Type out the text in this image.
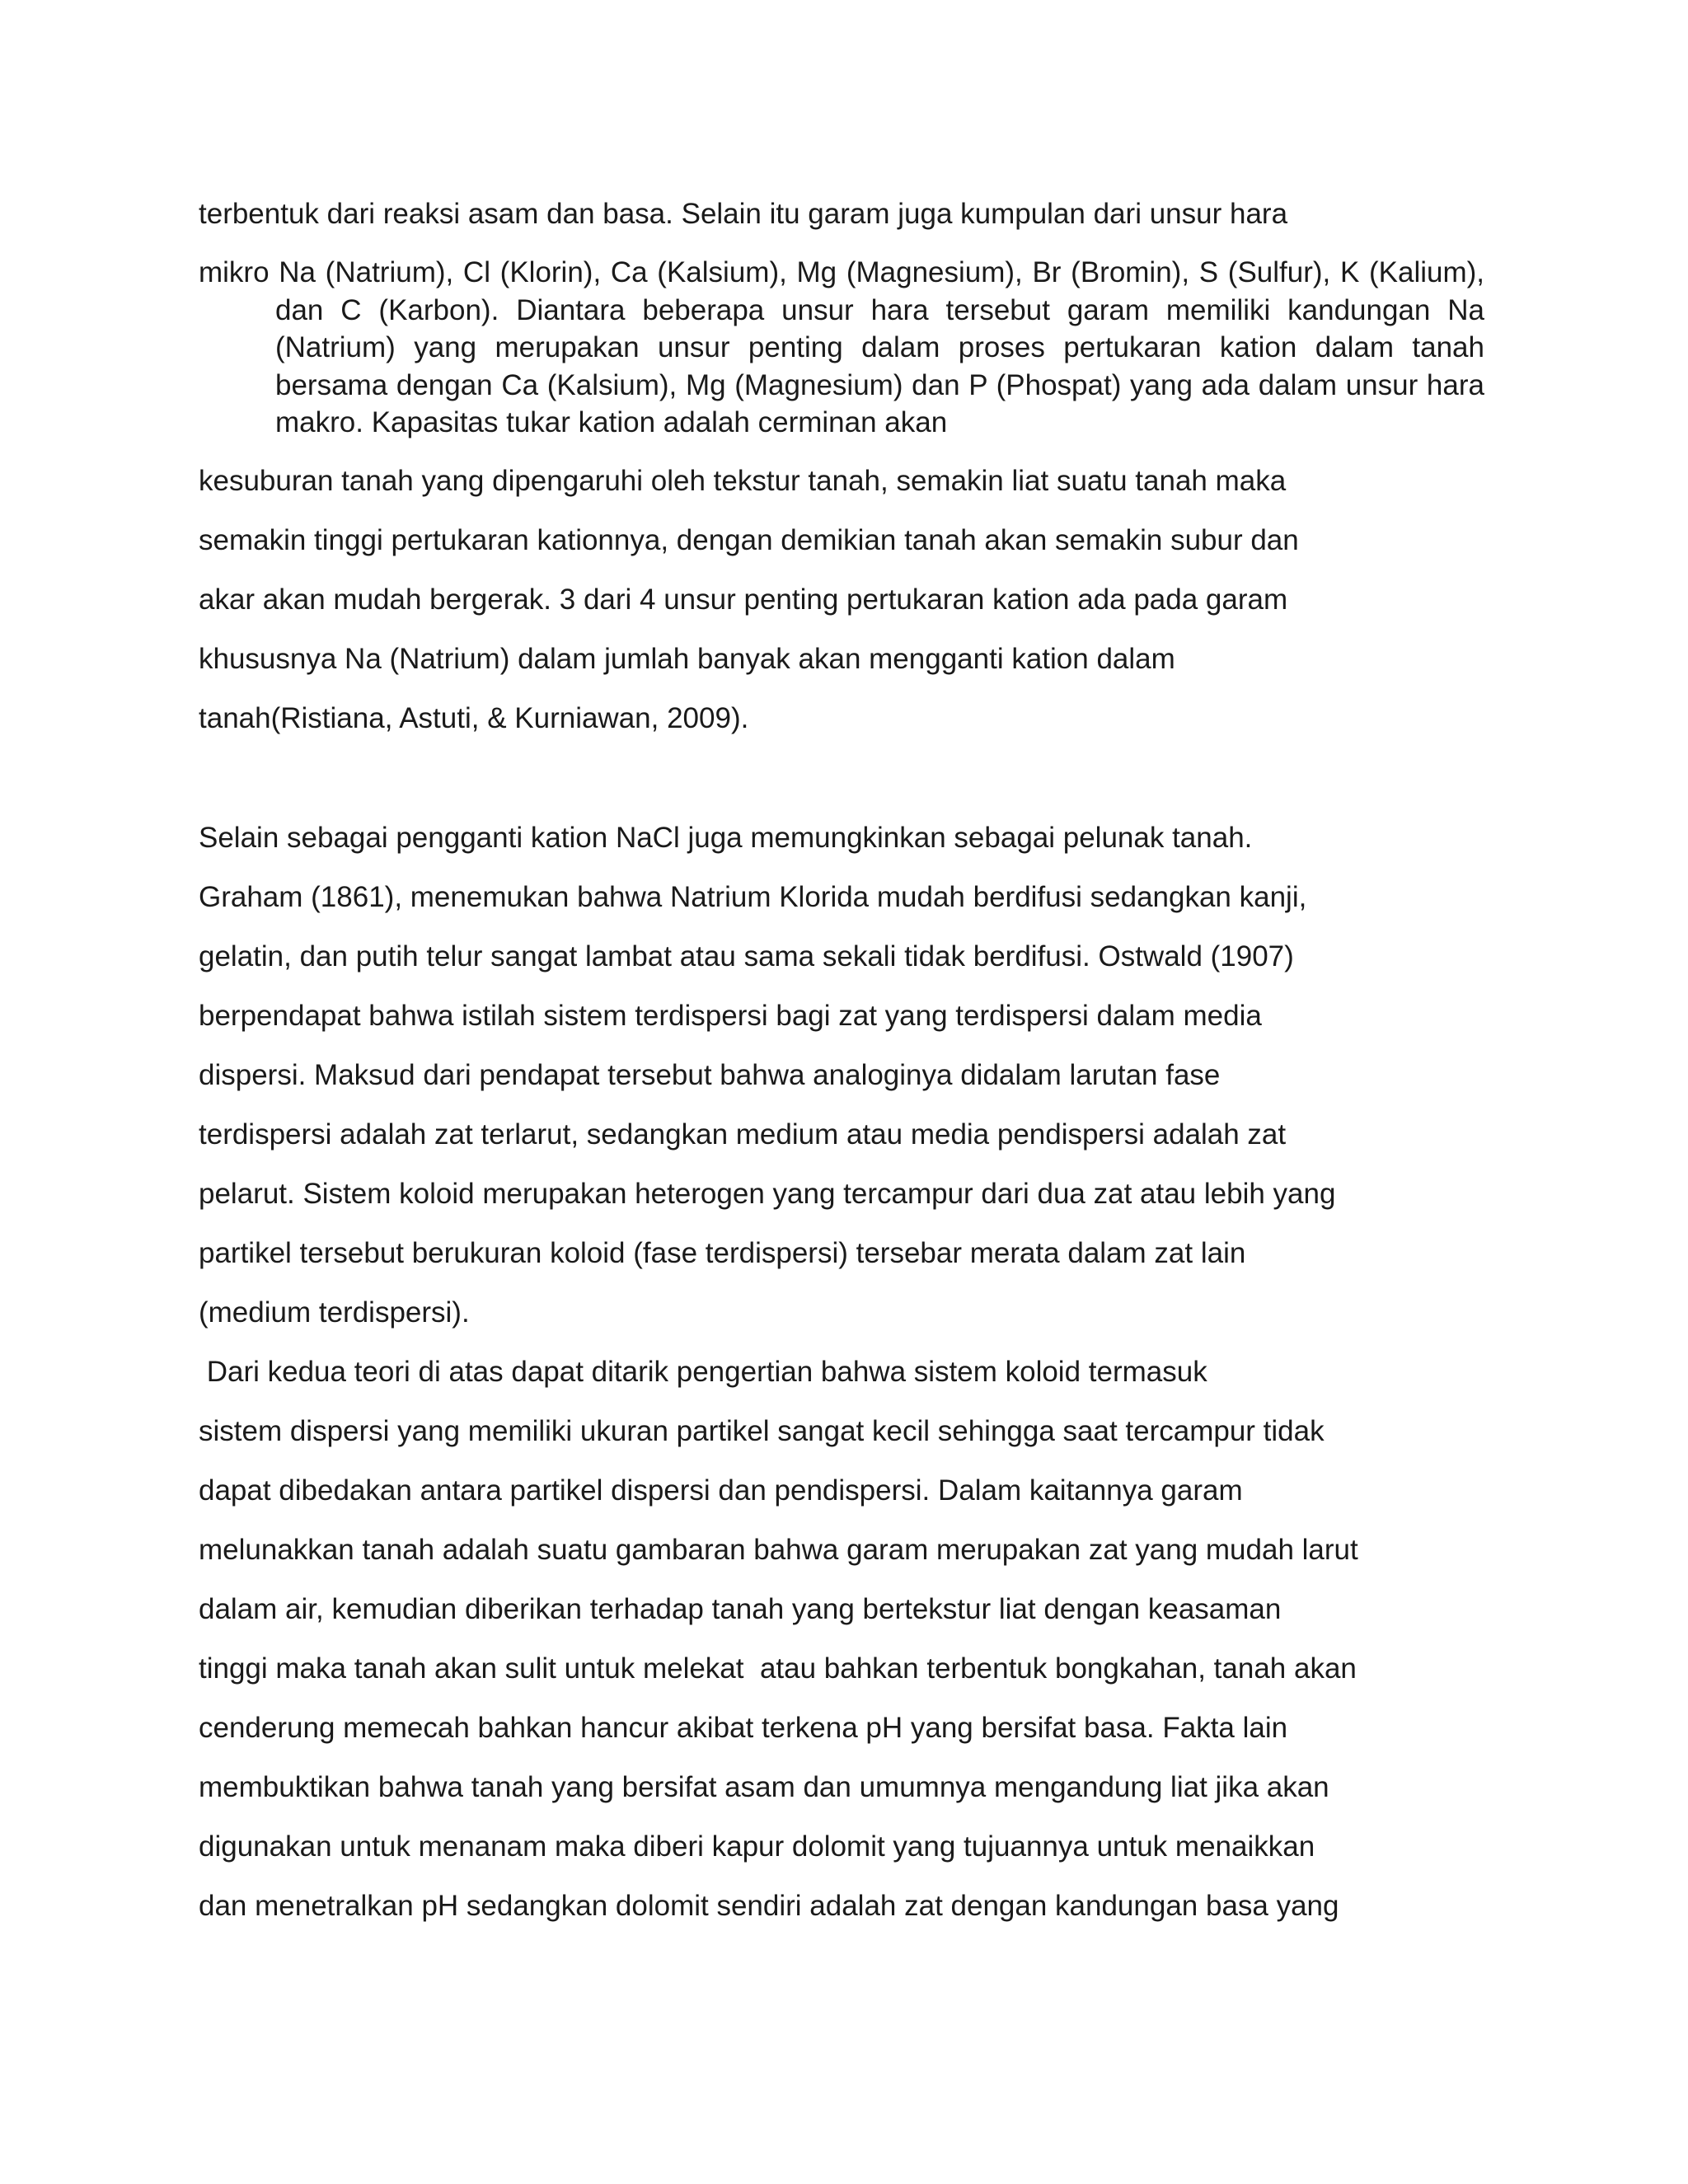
terbentuk dari reaksi asam dan basa. Selain itu garam juga kumpulan dari unsur hara

mikro Na (Natrium), Cl (Klorin), Ca (Kalsium), Mg (Magnesium), Br (Bromin), S (Sulfur), K (Kalium), dan C (Karbon). Diantara beberapa unsur hara tersebut garam memiliki kandungan Na (Natrium) yang merupakan unsur penting dalam proses pertukaran kation dalam tanah bersama dengan Ca (Kalsium), Mg (Magnesium) dan P (Phospat) yang ada dalam unsur hara makro. Kapasitas tukar kation adalah cerminan akan

kesuburan tanah yang dipengaruhi oleh tekstur tanah, semakin liat suatu tanah maka

semakin tinggi pertukaran kationnya, dengan demikian tanah akan semakin subur dan

akar akan mudah bergerak. 3 dari 4 unsur penting pertukaran kation ada pada garam

khususnya Na (Natrium) dalam jumlah banyak akan mengganti kation dalam

tanah(Ristiana, Astuti, & Kurniawan, 2009).

Selain sebagai pengganti kation NaCl juga memungkinkan sebagai pelunak tanah.

Graham (1861), menemukan bahwa Natrium Klorida mudah berdifusi sedangkan kanji,

gelatin, dan putih telur sangat lambat atau sama sekali tidak berdifusi. Ostwald (1907)

berpendapat bahwa istilah sistem terdispersi bagi zat yang terdispersi dalam media

dispersi. Maksud dari pendapat tersebut bahwa analoginya didalam larutan fase

terdispersi adalah zat terlarut, sedangkan medium atau media pendispersi adalah zat

pelarut. Sistem koloid merupakan heterogen yang tercampur dari dua zat atau lebih yang

partikel tersebut berukuran koloid (fase terdispersi) tersebar merata dalam zat lain

(medium terdispersi).

Dari kedua teori di atas dapat ditarik pengertian bahwa sistem koloid termasuk

sistem dispersi yang memiliki ukuran partikel sangat kecil sehingga saat tercampur tidak

dapat dibedakan antara partikel dispersi dan pendispersi. Dalam kaitannya garam

melunakkan tanah adalah suatu gambaran bahwa garam merupakan zat yang mudah larut

dalam air, kemudian diberikan terhadap tanah yang bertekstur liat dengan keasaman

tinggi maka tanah akan sulit untuk melekat  atau bahkan terbentuk bongkahan, tanah akan

cenderung memecah bahkan hancur akibat terkena pH yang bersifat basa. Fakta lain

membuktikan bahwa tanah yang bersifat asam dan umumnya mengandung liat jika akan

digunakan untuk menanam maka diberi kapur dolomit yang tujuannya untuk menaikkan

dan menetralkan pH sedangkan dolomit sendiri adalah zat dengan kandungan basa yang
